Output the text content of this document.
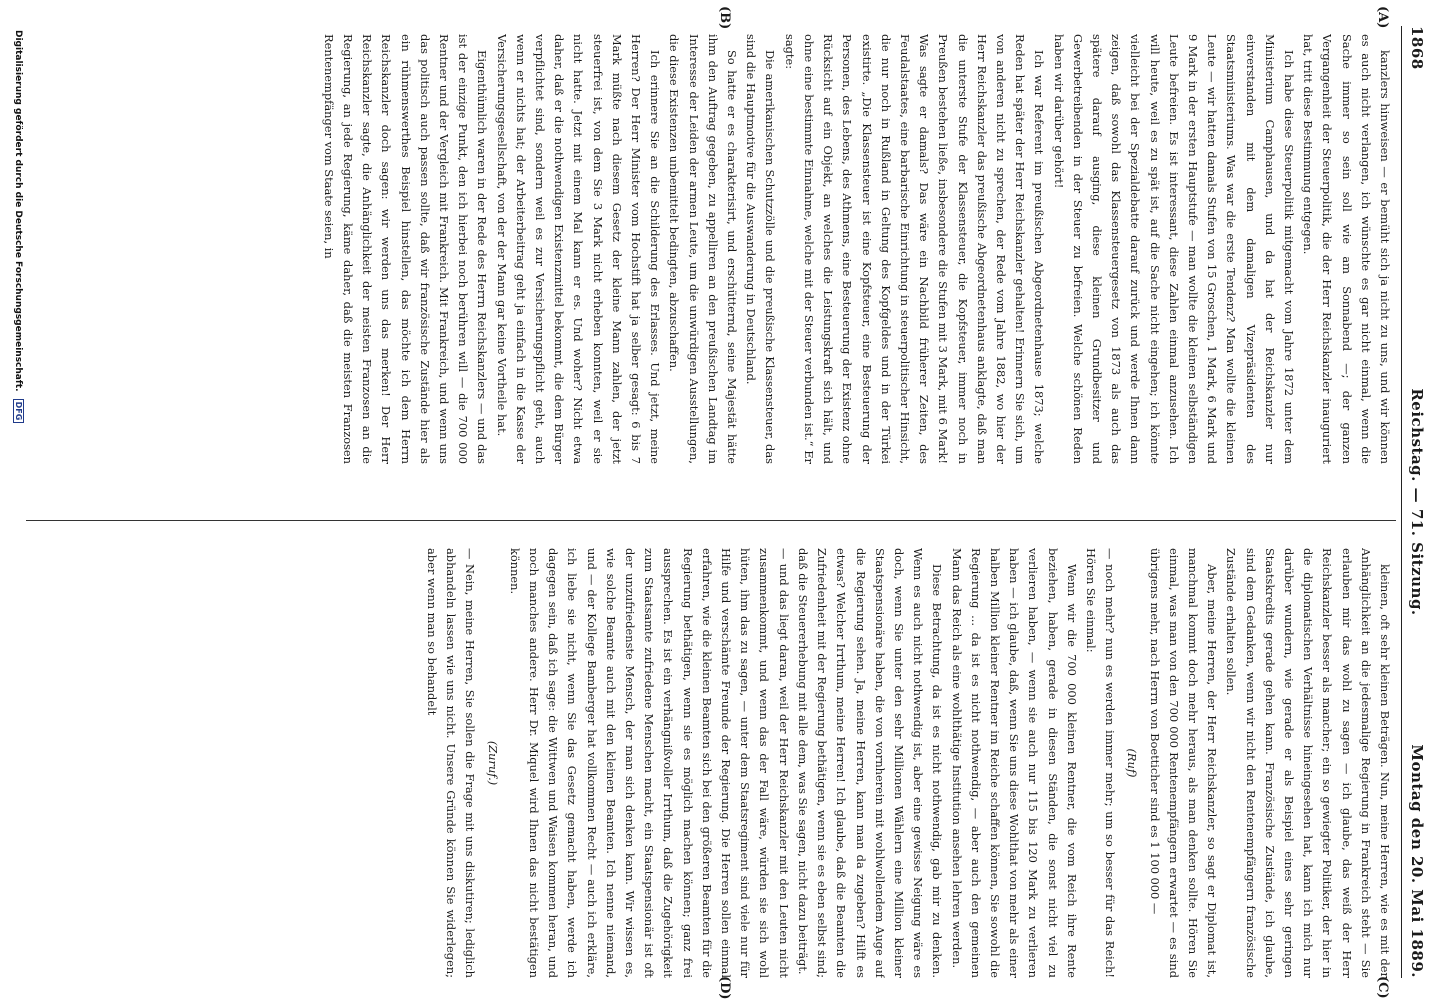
1868
Reichstag. — 71. Sitzung.
Montag den 20. Mai 1889.
(A)
(B)
(C)
(D)

kanzlers hinweisen — er bemüht sich ja nicht zu uns, und wir können es auch nicht verlangen, ich wünschte es gar nicht einmal, wenn die Sache immer so sein soll wie am Sonnabend —; der ganzen Vergangenheit der Steuerpolitik, die der Herr Reichskanzler inauguriert hat, tritt diese Bestimmung entgegen.

Ich habe diese Steuerpolitik mitgemacht vom Jahre 1872 unter dem Ministerium Camphausen, und da hat der Reichskanzler nur einverstanden mit dem damaligen Vizepräsidenten des Staatsministeriums. Was war die erste Tendenz? Man wollte die kleinen Leute — wir hatten damals Stufen von 15 Groschen, 1 Mark, 6 Mark und 9 Mark in der ersten Hauptstufe — man wollte die kleinen selbständigen Leute befreien. Es ist interessant, diese Zahlen einmal anzusehen. Ich will heute, weil es zu spät ist, auf die Sache nicht eingehen; ich könnte vielleicht bei der Spezialdebatte darauf zurück und werde Ihnen dann zeigen, daß sowohl das Klassensteuergesetz von 1873 als auch das spätere darauf ausging, diese kleinen Grundbesitzer und Gewerbetreibenden in der Steuer zu befreien. Welche schönen Reden haben wir darüber gehört!

Ich war Referent im preußischen Abgeordnetenhause 1873; welche Reden hat später der Herr Reichskanzler gehalten! Erinnern Sie sich, um von anderen nicht zu sprechen, der Rede vom Jahre 1882, wo hier der Herr Reichskanzler das preußische Abgeordnetenhaus anklagte, daß man die unterste Stufe der Klassensteuer, die Kopfsteuer, immer noch in Preußen bestehen ließe, insbesondere die Stufen mit 3 Mark, mit 6 Mark! Was sagte er damals? Das wäre ein Nachbild früherer Zeiten, des Feudalstaates, eine barbarische Einrichtung in steuerpolitischer Hinsicht, die nur noch in Rußland in Geltung des Kopfgeldes und in der Türkei existirte. „Die Klassensteuer ist eine Kopfsteuer, eine Besteuerung der Personen, des Lebens, des Athmens, eine Besteuerung der Existenz ohne Rücksicht auf ein Objekt, an welches die Leistungskraft sich hält, und ohne eine bestimmte Einnahme, welche mit der Steuer verbunden ist.“ Er sagte:

Die amerikanischen Schutzzölle und die preußische Klassensteuer, das sind die Hauptmotive für die Auswanderung in Deutschland.

So hatte er es charakterisirt, und erschütternd, seine Majestät hätte ihm den Auftrag gegeben, zu appelliren an den preußischen Landtag im Interesse der Leiden der armen Leute, um die unwürdigen Ausstellungen, die diese Existenzen unbemittelt bedingten, abzuschaffen.

Ich erinnere Sie an die Schilderung des Erlasses. Und jetzt, meine Herren? Der Herr Minister vom Hochstift hat ja selber gesagt: 6 bis 7 Mark müßte nach diesem Gesetz der kleine Mann zahlen, der jetzt steuerfrei ist, von dem Sie 3 Mark nicht erheben konnten, weil er sie nicht hatte. Jetzt mit einem Mal kann er es. Und woher? Nicht etwa daher, daß er die nothwendigen Existenzmittel bekommt, die dem Bürger verpflichtet sind, sondern weil es zur Versicherungspflicht geht, auch wenn er nichts hat; der Arbeiterbeitrag geht ja einfach in die Kasse der Versicherungsgesellschaft, von der der Mann gar keine Vortheile hat.

Eigenthümlich waren in der Rede des Herrn Reichskanzlers — und das ist der einzige Punkt, den ich hierbei noch berühren will — die 700 000 Rentner und der Vergleich mit Frankreich. Mit Frankreich, und wenn uns das politisch auch passen sollte, daß wir französische Zustände hier als ein rühmenswerthes Beispiel hinstellen, das möchte ich dem Herrn Reichskanzler doch sagen: wir werden uns das merken! Der Herr Reichskanzler sagte, die Anhänglichkeit der meisten Franzosen an die Regierung, an jede Regierung, käme daher, daß die meisten Franzosen Rentenempfänger vom Staate seien, in

kleinen, oft sehr kleinen Beträgen. Nun, meine Herren, wie es mit der Anhänglichkeit an die jedesmalige Regierung in Frankreich steht — Sie erlauben mir das wohl zu sagen — ich glaube, das weiß der Herr Reichskanzler besser als mancher; ein so gewiegter Politiker, der hier in die diplomatischen Verhältnisse hineingesehen hat, kann ich mich nur darüber wundern, wie gerade er als Beispiel eines sehr geringen Staatskredits gerade gehen kann. Französische Zustände, ich glaube, sind dem Gedanken, wenn wir nicht den Rentenempfängern französische Zustände erhalten sollen.

Aber, meine Herren, der Herr Reichskanzler, so sagt er Diplomat ist, manchmal kommt doch mehr heraus, als man denken sollte. Hören Sie einmal, was man von den 700 000 Rentenempfängern erwartet — es sind übrigens mehr, nach Herrn von Boetticher sind es 1 100 000 —

(Ruf)

— noch mehr? nun es werden immer mehr; um so besser für das Reich! Hören Sie einmal:

Wenn wir die 700 000 kleinen Rentner, die vom Reich ihre Rente beziehen, haben, gerade in diesen Ständen, die sonst nicht viel zu verlieren haben, — wenn sie auch nur 115 bis 120 Mark zu verlieren haben — ich glaube, daß, wenn Sie uns diese Wohlthat von mehr als einer halben Million kleiner Rentner im Reiche schaffen können, Sie sowohl die Regierung ... da ist es nicht nothwendig, — aber auch den gemeinen Mann das Reich als eine wohlthätige Institution ansehen lehren werden.

Diese Betrachtung, da ist es nicht nothwendig, gab mir zu denken. Wenn es auch nicht nothwendig ist, aber eine gewisse Neigung wäre es doch, wenn Sie unter den sehr Millionen Wählern eine Million kleiner Staatspensionäre haben, die von vornherein mit wohlwollendem Auge auf die Regierung sehen. Ja, meine Herren, kann man da zugeben? Hilft es etwas? Welcher Irrthum, meine Herren! Ich glaube, daß die Beamten die Zufriedenheit mit der Regierung bethätigen, wenn sie es eben selbst sind; daß die Steuererhebung mit alle dem, was Sie sagen, nicht dazu beiträgt.

— und das liegt daran, weil der Herr Reichskanzler mit den Leuten nicht zusammenkommt, und wenn das der Fall wäre, würden sie sich wohl hüten, ihm das zu sagen, — unter dem Staatsregiment sind viele nur für Hilfe und verschämte Freunde der Regierung. Die Herren sollen einmal erfahren, wie die kleinen Beamten sich bei den größeren Beamten für die Regierung bethätigen, wenn sie es möglich machen können; ganz frei aussprechen. Es ist ein verhängnißvoller Irrthum, daß die Zugehörigkeit zum Staatsamte zufriedene Menschen macht, ein Staatspensionär ist oft der unzufriedenste Mensch, der man sich denken kann. Wir wissen es, wie solche Beamte auch mit den kleinen Beamten. Ich nenne niemand, und — der Kollege Bamberger hat vollkommen Recht — auch ich erkläre, ich liebe sie nicht, wenn Sie das Gesetz gemacht haben, werde ich dagegen sein, daß ich sage: die Wittwen und Waisen kommen heran, und noch manches andere. Herr Dr. Miquel wird Ihnen das nicht bestätigen können.

(Zuruf.)

— Nein, meine Herren, Sie sollen die Frage mit uns diskutiren; lediglich abhandeln lassen wie uns nicht. Unsere Gründe können Sie widerlegen; aber wenn man so behandelt

Digitalisierung gefördert durch die Deutsche Forschungsgemeinschaft. DFG
